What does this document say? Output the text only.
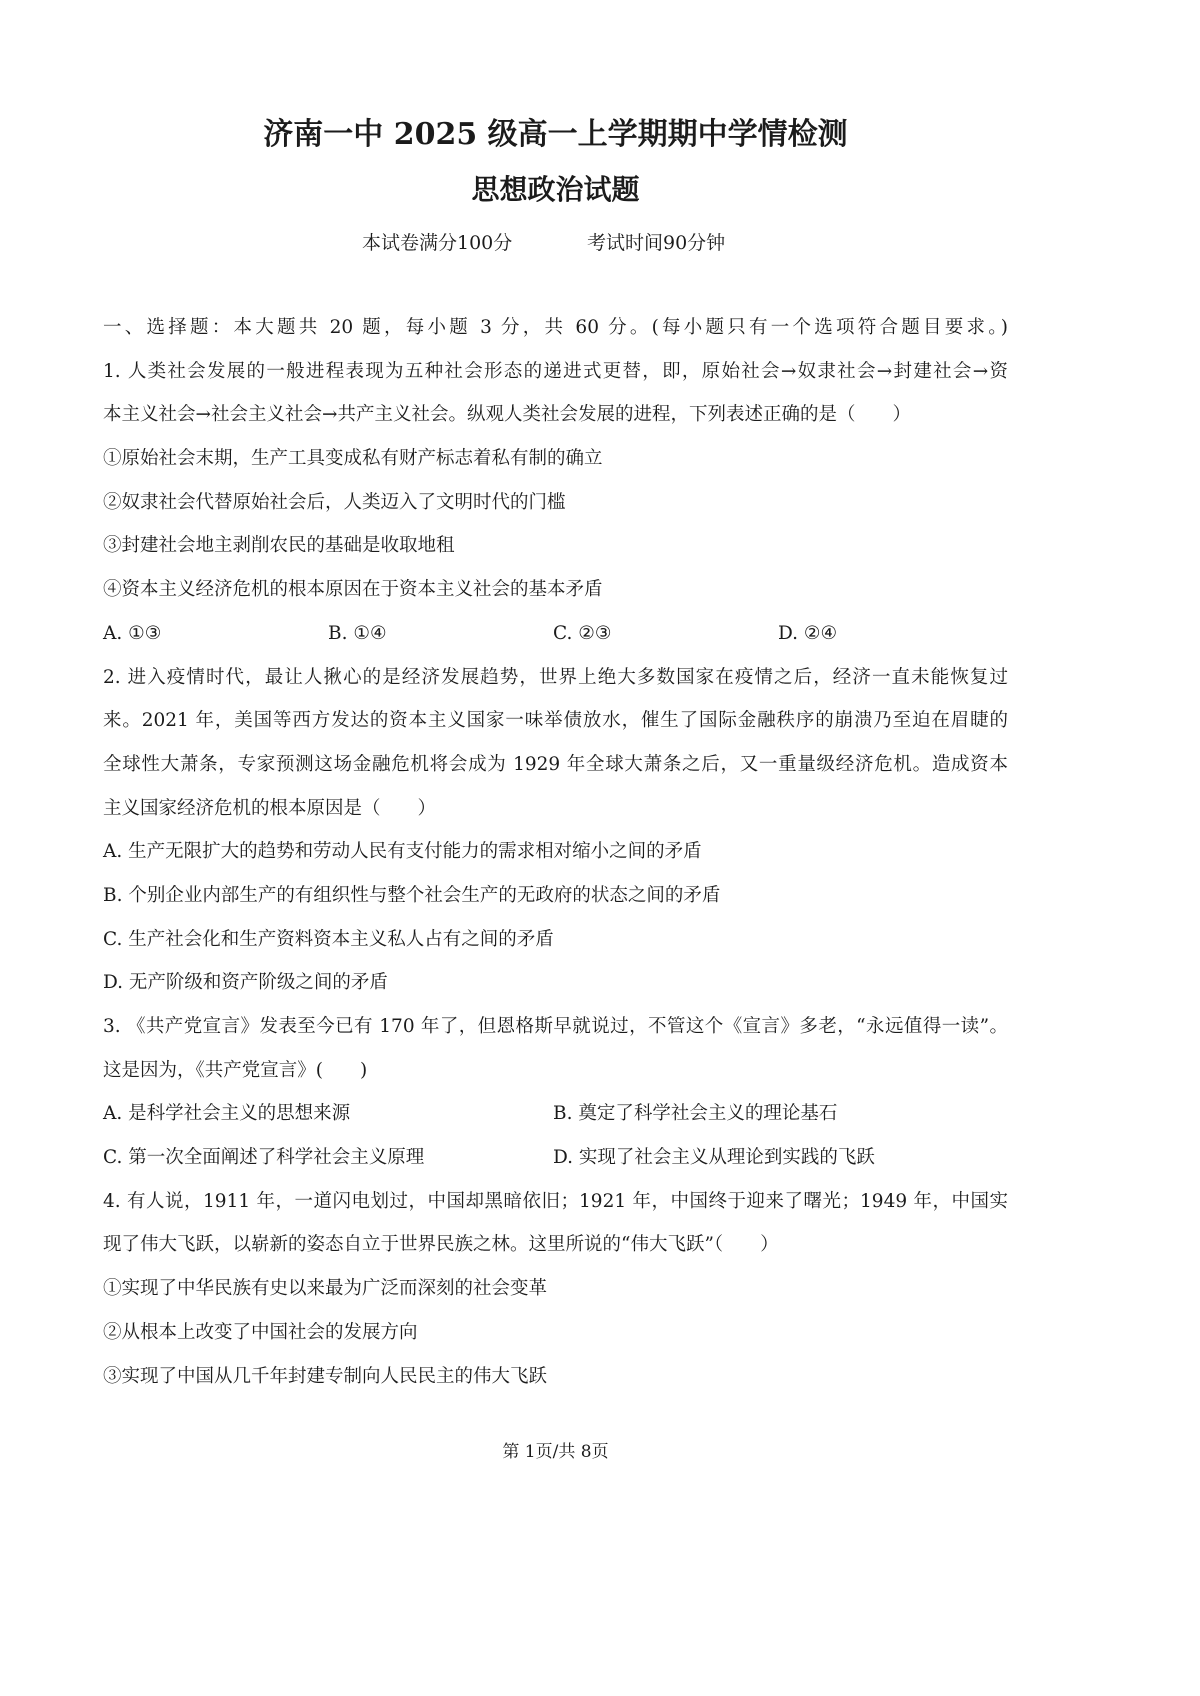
济南一中 2025 级高一上学期期中学情检测
思想政治试题
本试卷满分100分	考试时间90分钟
一、选择题：本大题共 20 题，每小题 3 分，共 60 分。(每小题只有一个选项符合题目要求。)
1. 人类社会发展的一般进程表现为五种社会形态的递进式更替，即，原始社会→奴隶社会→封建社会→资
本主义社会→社会主义社会→共产主义社会。纵观人类社会发展的进程，下列表述正确的是（　　）
①原始社会末期，生产工具变成私有财产标志着私有制的确立
②奴隶社会代替原始社会后，人类迈入了文明时代的门槛
③封建社会地主剥削农民的基础是收取地租
④资本主义经济危机的根本原因在于资本主义社会的基本矛盾
A. ①③	B. ①④	C. ②③	D. ②④
2. 进入疫情时代，最让人揪心的是经济发展趋势，世界上绝大多数国家在疫情之后，经济一直未能恢复过
来。2021 年，美国等西方发达的资本主义国家一味举债放水，催生了国际金融秩序的崩溃乃至迫在眉睫的
全球性大萧条，专家预测这场金融危机将会成为 1929 年全球大萧条之后，又一重量级经济危机。造成资本
主义国家经济危机的根本原因是（　　）
A. 生产无限扩大的趋势和劳动人民有支付能力的需求相对缩小之间的矛盾
B. 个别企业内部生产的有组织性与整个社会生产的无政府的状态之间的矛盾
C. 生产社会化和生产资料资本主义私人占有之间的矛盾
D. 无产阶级和资产阶级之间的矛盾
3. 《共产党宣言》发表至今已有 170 年了，但恩格斯早就说过，不管这个《宣言》多老，“永远值得一读”。
这是因为，《共产党宣言》(　　)
A. 是科学社会主义的思想来源	B. 奠定了科学社会主义的理论基石
C. 第一次全面阐述了科学社会主义原理	D. 实现了社会主义从理论到实践的飞跃
4. 有人说，1911 年，一道闪电划过，中国却黑暗依旧；1921 年，中国终于迎来了曙光；1949 年，中国实
现了伟大飞跃，以崭新的姿态自立于世界民族之林。这里所说的“伟大飞跃”（　　）
①实现了中华民族有史以来最为广泛而深刻的社会变革
②从根本上改变了中国社会的发展方向
③实现了中国从几千年封建专制向人民民主的伟大飞跃
第 1页/共 8页
